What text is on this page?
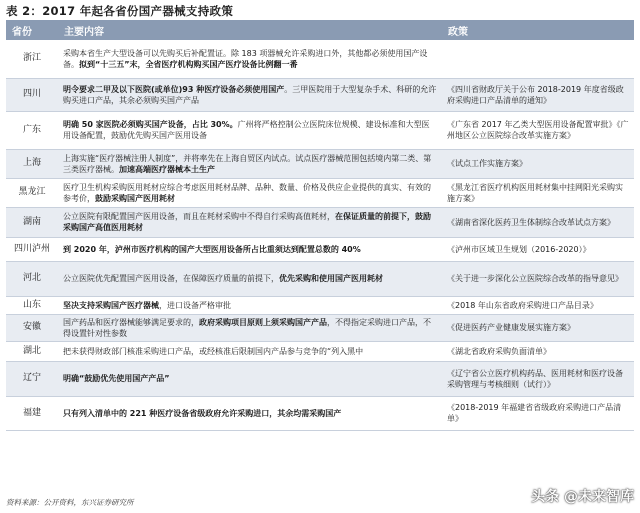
表 2：2017 年起各省份国产器械支持政策
省份	主要内容	政策
浙江	采购本省生产大型设备可以先购买后补配置证。除 183 项器械允许采购进口外，其他都必须使用国产设备。拟到“十三五”末，全省医疗机构购买国产医疗设备比例翻一番	
四川	明令要求二甲及以下医院(或单位)93 种医疗设备必须使用国产。三甲医院用于大型复杂手术、科研的允许购买进口产品，其余必须购买国产产品	《四川省财政厅关于公布 2018-2019 年度省级政府采购进口产品清单的通知》
广东	明确 50 家医院必须购买国产设备，占比 30%。广州将严格控制公立医院床位规模、建设标准和大型医用设备配置，鼓励优先购买国产医用设备	《广东省 2017 年乙类大型医用设备配置审批》《广州地区公立医院综合改革实施方案》
上海	上海实施“医疗器械注册人制度”，并将率先在上海自贸区内试点。试点医疗器械范围包括境内第二类、第三类医疗器械。加速高端医疗器械本土生产	《试点工作实施方案》
黑龙江	医疗卫生机构采购医用耗材应综合考虑医用耗材品牌、品种、数量、价格及供应企业提供的真实、有效的参考价，鼓励采购国产医用耗材	《黑龙江省医疗机构医用耗材集中挂网阳光采购实施方案》
湖南	公立医院有限配置国产医用设备，而且在耗材采购中不得自行采购高值耗材，在保证质量的前提下，鼓励采购国产高值医用耗材	《湖南省深化医药卫生体制综合改革试点方案》
四川泸州	到 2020 年，泸州市医疗机构的国产大型医用设备所占比重须达到配置总数的 40%	《泸州市区域卫生规划（2016-2020）》
河北	公立医院优先配置国产医用设备，在保障医疗质量的前提下，优先采购和使用国产医用耗材	《关于进一步深化公立医院综合改革的指导意见》
山东	坚决支持采购国产医疗器械，进口设备严格审批	《2018 年山东省政府采购进口产品目录》
安徽	国产药品和医疗器械能够满足要求的，政府采购项目原则上须采购国产产品，不得指定采购进口产品，不得设置针对性参数	《促进医药产业健康发展实施方案》
湖北	把未获得财政部门核准采购进口产品，或经核准后限制国内产品参与竞争的“列入黑中	《湖北省政府采购负面清单》
辽宁	明确“鼓励优先使用国产产品”	《辽宁省公立医疗机构药品、医用耗材和医疗设备采购管理与考核细则（试行）》
福建	只有列入清单中的 221 种医疗设备省级政府允许采购进口，其余均需采购国产	《2018-2019 年福建省省级政府采购进口产品清单》
资料来源：公开资料，东兴证券研究所	头条 @未来智库
